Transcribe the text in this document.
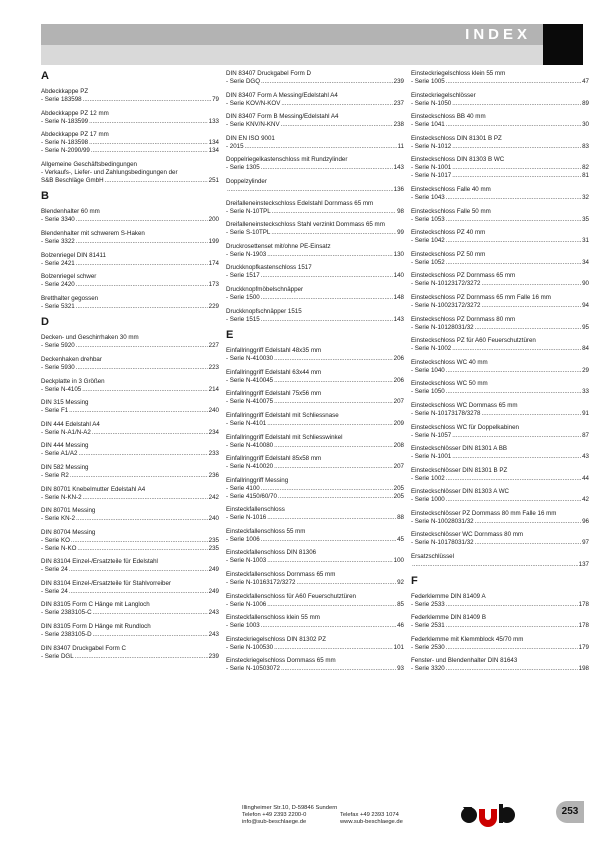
INDEX
A
Abdeckkappe PZ
- Serie 183598 .....	79
Abdeckkappe PZ 12 mm
- Serie N-183599 .....	133
Abdeckkappe PZ 17 mm
- Serie N-183598 .....	134
- Serie N-2090/99 .....	134
Allgemeine Geschäftsbedingungen
- Verkaufs-, Liefer- und Zahlungsbedingungen der
S&B Beschläge GmbH .....	251
B
Blendenhalter 60 mm
- Serie 3340 .....	200
Blendenhalter mit schwerem S-Haken
- Serie 3322 .....	199
Bolzenriegel DIN 81411
- Serie 2421 .....	174
Bolzenriegel schwer
- Serie 2420 .....	173
Bretthalter gegossen
- Serie 5321 .....	229
D
Decken- und Geschirrhaken 30 mm
- Serie 5920 .....	227
Deckenhaken drehbar
- Serie 5930 .....	223
Deckplatte in 3 Größen
- Serie N-4105 .....	214
DIN 315 Messing
- Serie F1 .....	240
DIN 444 Edelstahl A4
- Serie N-A1/N-A2 .....	234
DIN 444 Messing
- Serie A1/A2 .....	233
DIN 582 Messing
- Serie R2 .....	236
DIN 80701 Knebelmutter Edelstahl A4
- Serie N-KN-2 .....	242
DIN 80701 Messing
- Serie KN-2 .....	240
DIN 80704 Messing
- Serie KO .....	235
- Serie N-KO .....	235
DIN 83104 Einzel-/Ersatzteile für Edelstahl
- Serie 24 .....	249
DIN 83104 Einzel-/Ersatzteile für Stahlvorreiber
- Serie 24 .....	249
DIN 83105 Form C Hänge mit Langloch
- Serie 2383105-C .....	243
DIN 83105 Form D Hänge mit Rundloch
- Serie 2383105-D .....	243
DIN 83407 Druckgabel Form C
- Serie DGL .....	239
DIN 83407 Druckgabel Form D
- Serie DGQ .....	239
DIN 83407 Form A Messing/Edelstahl A4
- Serie KOV/N-KOV .....	237
DIN 83407 Form B Messing/Edelstahl A4
- Serie KNV/N-KNV .....	238
DIN EN ISO 9001
- 2015 .....	11
Doppelriegelkastenschloss mit Rundzylinder
- Serie 1305 .....	143
Doppelzylinder
.....
136
Dreifalleneinsteckschloss Edelstahl Dornmass 65 mm
- Serie N-10TPL .....	98
Dreifalleneinsteckschloss Stahl verzinkt Dornmass 65 mm
- Serie S-10TPL .....	99
Druckrosettenset mit/ohne PE-Einsatz
- Serie N-1903 .....	130
Druckknopfkastenschloss 1517
- Serie 1517 .....	140
Druckknopfmöbelschnäpper
- Serie 1500 .....	148
Druckknopfschnäpper 1515
- Serie 1515 .....	143
E
Einfallringgriff Edelstahl 48x35 mm
- Serie N-410030 .....	206
Einfallringgriff Edelstahl 63x44 mm
- Serie N-410045 .....	206
Einfallringgriff Edelstahl 75x56 mm
- Serie N-410075 .....	207
Einfallringgriff Edelstahl mit Schliessnase
- Serie N-4101 .....	209
Einfallringgriff Edelstahl mit Schliesswinkel
- Serie N-410080 .....	208
Einfallringgriff Edelstahl 85x58 mm
- Serie N-410020 .....	207
Einfallringgriff Messing
- Serie 4100 .....	205
- Serie 4150/60/70 .....	205
Einsteckfallenschloss
- Serie N-1016 .....	88
Einsteckfallenschloss 55 mm
- Serie 1006 .....	45
Einsteckfallenschloss DIN 81306
- Serie N-1003 .....	100
Einsteckfallenschloss Dornmass 65 mm
- Serie N-10163172/3272 .....	92
Einsteckfallenschloss für A60 Feuerschutztüren
- Serie N-1006 .....	85
Einsteckfallenschloss klein 55 mm
- Serie 1003 .....	46
Einsteckriegelschloss DIN 81302 PZ
- Serie N-100530 .....	101
Einsteckriegelschloss Dornmass 65 mm
- Serie N-10503072 .....	93
Einsteckriegelschloss klein 55 mm
- Serie 1005 .....	47
Einsteckriegelschlösser
- Serie N-1050 .....	89
Einsteckschloss BB 40 mm
- Serie 1041 .....	30
Einsteckschloss DIN 81301 B PZ
- Serie N-1012 .....	83
Einsteckschloss DIN 81303 B WC
- Serie N-1001 .....	82
- Serie N-1017 .....	81
Einsteckschloss Falle 40 mm
- Serie 1043 .....	32
Einsteckschloss Falle 50 mm
- Serie 1053 .....	35
Einsteckschloss PZ 40 mm
- Serie 1042 .....	31
Einsteckschloss PZ 50 mm
- Serie 1052 .....	34
Einsteckschloss PZ Dornmass 65 mm
- Serie N-10123172/3272 .....	90
Einsteckschloss PZ Dornmass 65 mm Falle 16 mm
- Serie N-10023172/3272 .....	94
Einsteckschloss PZ Dornmass 80 mm
- Serie N-10128031/32 .....	95
Einsteckschloss PZ für A60 Feuerschutztüren
- Serie N-1002 .....	84
Einsteckschloss WC 40 mm
- Serie 1040 .....	29
Einsteckschloss WC 50 mm
- Serie 1050 .....	33
Einsteckschloss WC Dornmass 65 mm
- Serie N-10173178/3278 .....	91
Einsteckschloss WC für Doppelkabinen
- Serie N-1057 .....	87
Einsteckschlösser DIN 81301 A BB
- Serie N-1001 .....	43
Einsteckschlösser DIN 81301 B PZ
- Serie 1002 .....	44
Einsteckschlösser DIN 81303 A WC
- Serie 1000 .....	42
Einsteckschlösser PZ Dornmass 80 mm Falle 16 mm
- Serie N-10028031/32 .....	96
Einsteckschlösser WC Dornmass 80 mm
- Serie N-10178031/32 .....	97
Ersatzschlüssel
.....
137
F
Federklemme DIN 81409 A
- Serie 2533 .....	178
Federklemme DIN 81409 B
- Serie 2531 .....	178
Federklemme mit Klemmblock 45/70 mm
- Serie 2530 .....	179
Fenster- und Blendenhalter DIN 81643
- Serie 3320 .....	198
Illingheimer Str.10, D-59846 Sundern
Telefon +49 2393 2200-0
info@sub-beschlaege.de
Telefax +49 2393 1074
www.sub-beschlaege.de
253
